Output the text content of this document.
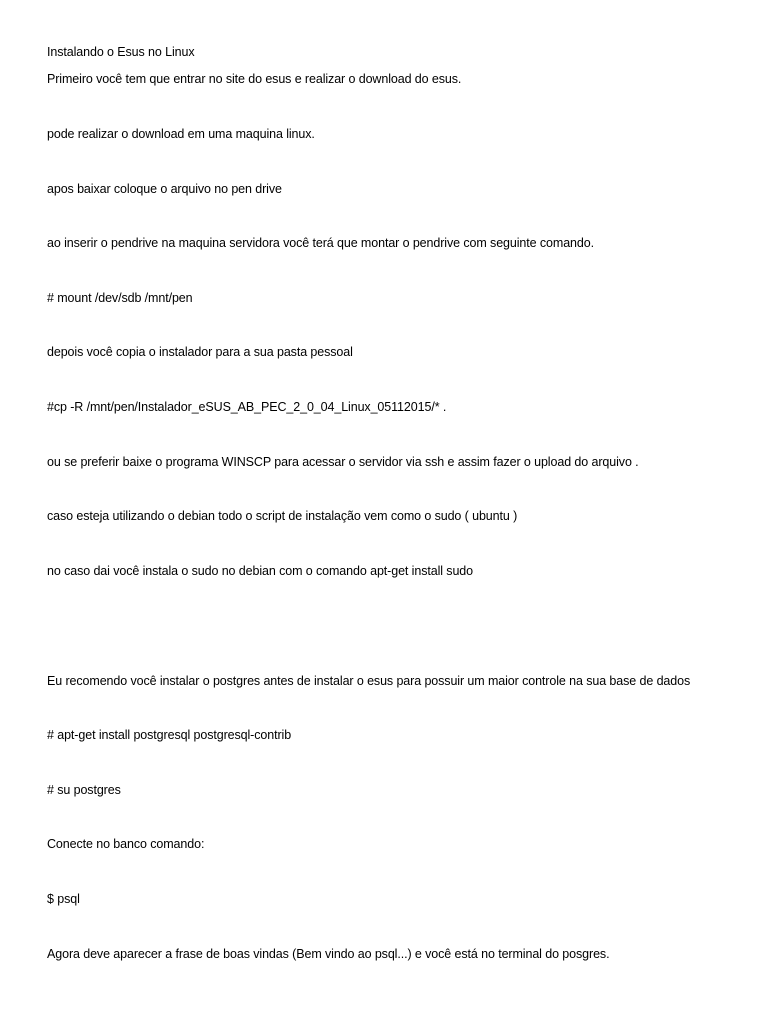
Instalando o Esus no Linux
Primeiro você tem que entrar no site do esus e realizar o download do esus.
pode realizar o download em uma maquina linux.
apos baixar coloque o arquivo no pen drive
ao inserir o pendrive na maquina servidora você terá que montar o pendrive com seguinte comando.
# mount /dev/sdb /mnt/pen
depois você copia o instalador para a sua pasta pessoal
#cp -R /mnt/pen/Instalador_eSUS_AB_PEC_2_0_04_Linux_05112015/* .
ou se preferir baixe o programa WINSCP para acessar o servidor via ssh e assim fazer o upload do arquivo .
caso esteja utilizando o debian todo o script de instalação vem como o sudo ( ubuntu )
no caso dai você instala o sudo no debian com o comando apt-get install sudo
Eu recomendo você instalar o postgres antes de instalar o esus para possuir um maior controle na sua base de dados
# apt-get install postgresql postgresql-contrib
# su postgres
Conecte no banco comando:
$ psql
Agora deve aparecer a frase de boas vindas (Bem vindo ao psql...) e você está no terminal do posgres.
